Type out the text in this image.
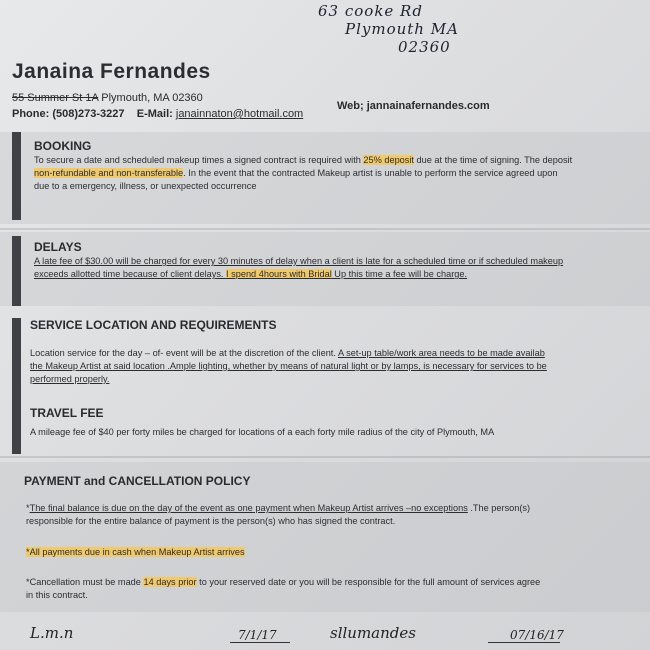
63 cooke Rd
Plymouth MA
02360
Janaina Fernandes
55 Summer St 1A Plymouth, MA 02360
Phone: (508)273-3227 E-Mail: janainnaton@hotmail.com
Web; jannainafernandes.com
BOOKING
To secure a date and scheduled makeup times a signed contract is required with 25% deposit due at the time of signing. The deposit
non-refundable and non-transferable. In the event that the contracted Makeup artist is unable to perform the service agreed upon
due to a emergency, illness, or unexpected occurrence
DELAYS
A late fee of $30.00 will be charged for every 30 minutes of delay when a client is late for a scheduled time or if scheduled makeup
exceeds allotted time because of client delays. I spend 4hours with Bridal Up this time a fee will be charge.
SERVICE LOCATION AND REQUIREMENTS
Location service for the day – of- event will be at the discretion of the client. A set-up table/work area needs to be made availab
the Makeup Artist at said location .Ample lighting, whether by means of natural light or by lamps, is necessary for services to be
performed properly.
TRAVEL FEE
A mileage fee of $40 per forty miles be charged for locations of a each forty mile radius of the city of Plymouth, MA
PAYMENT and CANCELLATION POLICY
*The final balance is due on the day of the event as one payment when Makeup Artist arrives –no exceptions .The person(s)
responsible for the entire balance of payment is the person(s) who has signed the contract.
*All payments due in cash when Makeup Artist arrives
*Cancellation must be made 14 days prior to your reserved date or you will be responsible for the full amount of services agree
in this contract.
L.m.n	7/1/17	sllumandes	07/16/17
